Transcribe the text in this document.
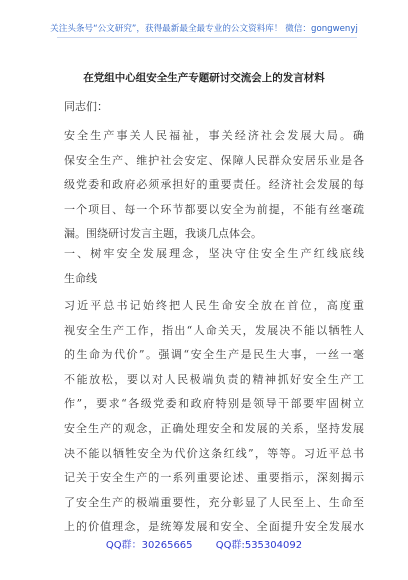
关注头条号“公文研究”，获得最新最全最专业的公文资料库！ 微信：gongwenyj
在党组中心组安全生产专题研讨交流会上的发言材料
同志们：
安全生产事关人民福祉，事关经济社会发展大局。确
保安全生产、维护社会安定、保障人民群众安居乐业是各
级党委和政府必须承担好的重要责任。经济社会发展的每
一个项目、每一个环节都要以安全为前提，不能有丝毫疏
漏。围绕研讨发言主题，我谈几点体会。
一、树牢安全发展理念，坚决守住安全生产红线底线
生命线
习近平总书记始终把人民生命安全放在首位，高度重
视安全生产工作，指出“人命关天，发展决不能以牺牲人
的生命为代价”。强调“安全生产是民生大事，一丝一毫
不能放松，要以对人民极端负责的精神抓好安全生产工
作”，要求“各级党委和政府特别是领导干部要牢固树立
安全生产的观念，正确处理安全和发展的关系，坚持发展
决不能以牺牲安全为代价这条红线”，等等。习近平总书
记关于安全生产的一系列重要论述、重要指示，深刻揭示
了安全生产的极端重要性，充分彰显了人民至上、生命至
上的价值理念，是统筹发展和安全、全面提升安全发展水
QQ群：30265665 QQ群:535304092
